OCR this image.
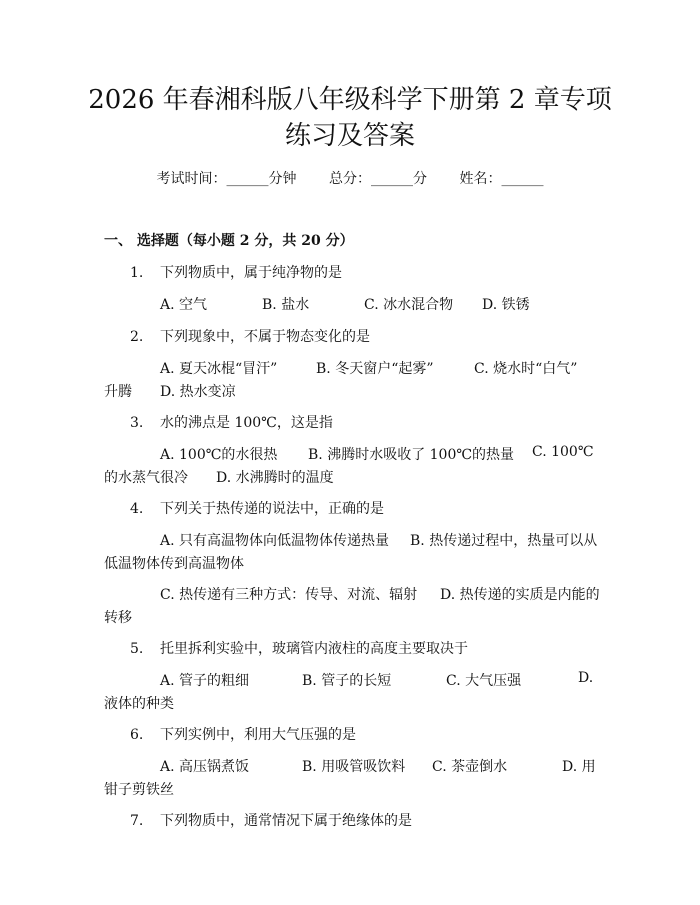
2026 年春湘科版八年级科学下册第 2 章专项
练习及答案
考试时间：______分钟 总分：______分 姓名：______
一、 选择题（每小题 2 分，共 20 分）
1. 下列物质中，属于纯净物的是
A. 空气	B. 盐水	C. 冰水混合物 D. 铁锈
2. 下列现象中，不属于物态变化的是
A. 夏天冰棍“冒汗”	B. 冬天窗户“起雾”	C. 烧水时“白气”
升腾 D. 热水变凉
3. 水的沸点是 100℃，这是指
A. 100℃的水很热 B. 沸腾时水吸收了 100℃的热量 C. 100℃
的水蒸气很冷 D. 水沸腾时的温度
4. 下列关于热传递的说法中，正确的是
A. 只有高温物体向低温物体传递热量 B. 热传递过程中，热量可以从
低温物体传到高温物体
C. 热传递有三种方式：传导、对流、辐射 D. 热传递的实质是内能的
转移
5. 托里拆利实验中，玻璃管内液柱的高度主要取决于
A. 管子的粗细	B. 管子的长短	C. 大气压强	D.
液体的种类
6. 下列实例中，利用大气压强的是
A. 高压锅煮饭	B. 用吸管吸饮料 C. 茶壶倒水	D. 用
钳子剪铁丝
7. 下列物质中，通常情况下属于绝缘体的是
